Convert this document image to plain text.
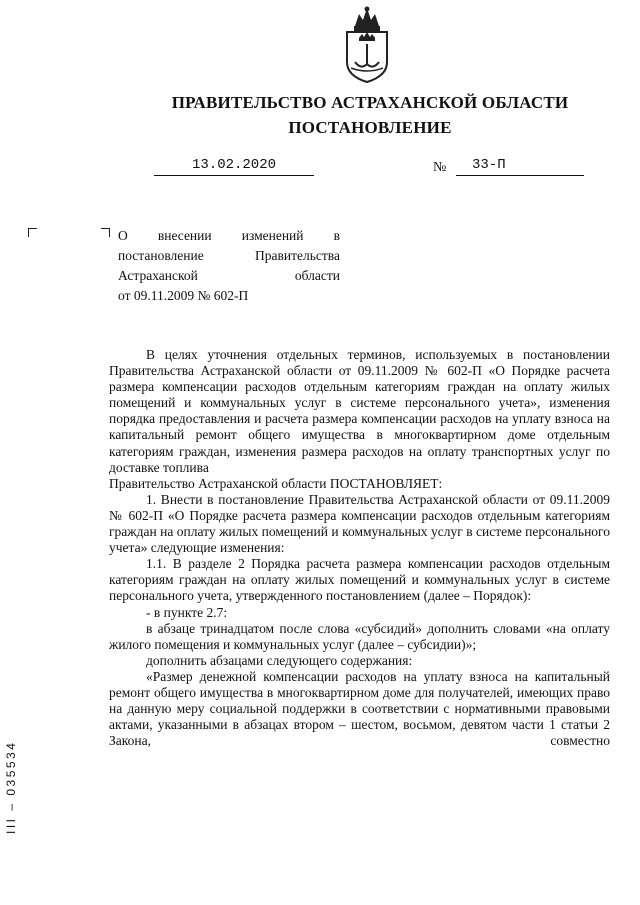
ПРАВИТЕЛЬСТВО АСТРАХАНСКОЙ ОБЛАСТИ
ПОСТАНОВЛЕНИЕ
13.02.2020	№	33-П
О внесении изменений в
постановление Правительства
Астраханской области
от 09.11.2009 № 602-П

В целях уточнения отдельных терминов, используемых в постановлении Правительства Астраханской области от 09.11.2009 № 602-П «О Порядке расчета размера компенсации расходов отдельным категориям граждан на оплату жилых помещений и коммунальных услуг в системе персонального учета», изменения порядка предоставления и расчета размера компенсации расходов на уплату взноса на капитальный ремонт общего имущества в многоквартирном доме отдельным категориям граждан, изменения размера расходов на оплату транспортных услуг по доставке топлива

Правительство Астраханской области ПОСТАНОВЛЯЕТ:

1. Внести в постановление Правительства Астраханской области от 09.11.2009 № 602-П «О Порядке расчета размера компенсации расходов отдельным категориям граждан на оплату жилых помещений и коммунальных услуг в системе персонального учета» следующие изменения:

1.1. В разделе 2 Порядка расчета размера компенсации расходов отдельным категориям граждан на оплату жилых помещений и коммунальных услуг в системе персонального учета, утвержденного постановлением (далее – Порядок):

- в пункте 2.7:

в абзаце тринадцатом после слова «субсидий» дополнить словами «на оплату жилого помещения и коммунальных услуг (далее – субсидии)»;

дополнить абзацами следующего содержания:

«Размер денежной компенсации расходов на уплату взноса на капитальный ремонт общего имущества в многоквартирном доме для получателей, имеющих право на данную меру социальной поддержки в соответствии с нормативными правовыми актами, указанными в абзацах втором – шестом, восьмом, девятом части 1 статьи 2 Закона, совместно

III – 035534
